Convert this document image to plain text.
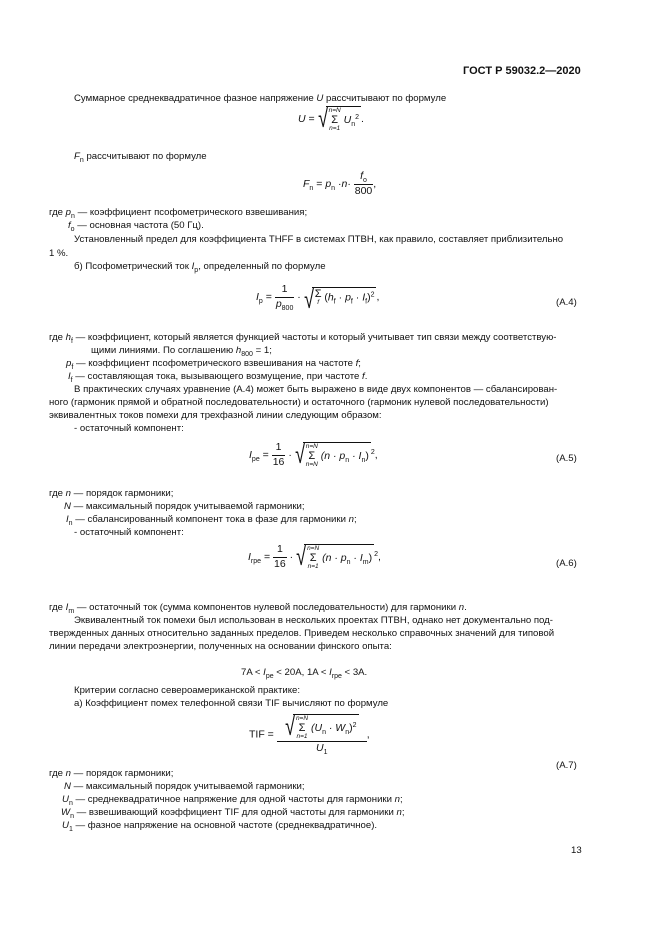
ГОСТ Р 59032.2—2020
Суммарное среднеквадратичное фазное напряжение U рассчитывают по формуле
U = √ n=N
Σ
n=1 $U_n^2$ .
$F_n$ рассчитывают по формуле
$F_n = p_n \cdot n\cdot \frac{f_o}{800}$ ,
где $p_n$ — коэффициент псофометрического взвешивания;
$f_o$ — основная частота (50 Гц).
Установленный предел для коэффициента THFF в системах ПТВН, как правило, составляет приблизительно
1 %.
б) Псофометрический ток $I_p$, определенный по формуле
$I_p = \frac{1}{p_{800}}$ · √ Σ
f $(h_f \cdot p_f \cdot I_f)^2$ ,	(A.4)
где $h_f$ — коэффициент, который является функцией частоты и который учитывает тип связи между соответствую-
щими линиями. По соглашению $h_{800} = 1$;
$p_f$ — коэффициент псофометрического взвешивания на частоте f;
$I_f$ — составляющая тока, вызывающего возмущение, при частоте f.
В практических случаях уравнение (A.4) может быть выражено в виде двух компонентов — сбалансирован-
ного (гармоник прямой и обратной последовательности) и остаточного (гармоник нулевой последовательности)
эквивалентных токов помехи для трехфазной линии следующим образом:
- остаточный компонент:
$I_{pe} = \frac{1}{16}$ · √ n=N
Σ
n=N $(n \cdot p_n \cdot I_n)$ $^2$,	(A.5)
где n — порядок гармоники;
N — максимальный порядок учитываемой гармоники;
$I_n$ — сбалансированный компонент тока в фазе для гармоники n;
- остаточный компонент:
$I_{rpe} = \frac{1}{16}$ · √ n=N
Σ
n=1 $(n \cdot p_n \cdot I_m)$ $^2$,
(A.6)
где $I_m$ — остаточный ток (сумма компонентов нулевой последовательности) для гармоники n.
Эквивалентный ток помехи был использован в нескольких проектах ПТВН, однако нет документально под-
твержденных данных относительно заданных пределов. Приведем несколько справочных значений для типовой
линии передачи электроэнергии, полученных на основании финского опыта:
$7A < I_{pe} < 20A$, $1A < I_{rpe} < 3A$.
Критерии согласно североамериканской практике:
а) Коэффициент помех телефонной связи TIF вычисляют по формуле
TIF = √ n=N
Σ
n=1 $(U_n \cdot W_n)^2$
$U_1$ ,
(A.7)
где n — порядок гармоники;
N — максимальный порядок учитываемой гармоники;
$U_n$ — среднеквадратичное напряжение для одной частоты для гармоники n;
$W_n$ — взвешивающий коэффициент TIF для одной частоты для гармоники n;
$U_1$ — фазное напряжение на основной частоте (среднеквадратичное).
13
